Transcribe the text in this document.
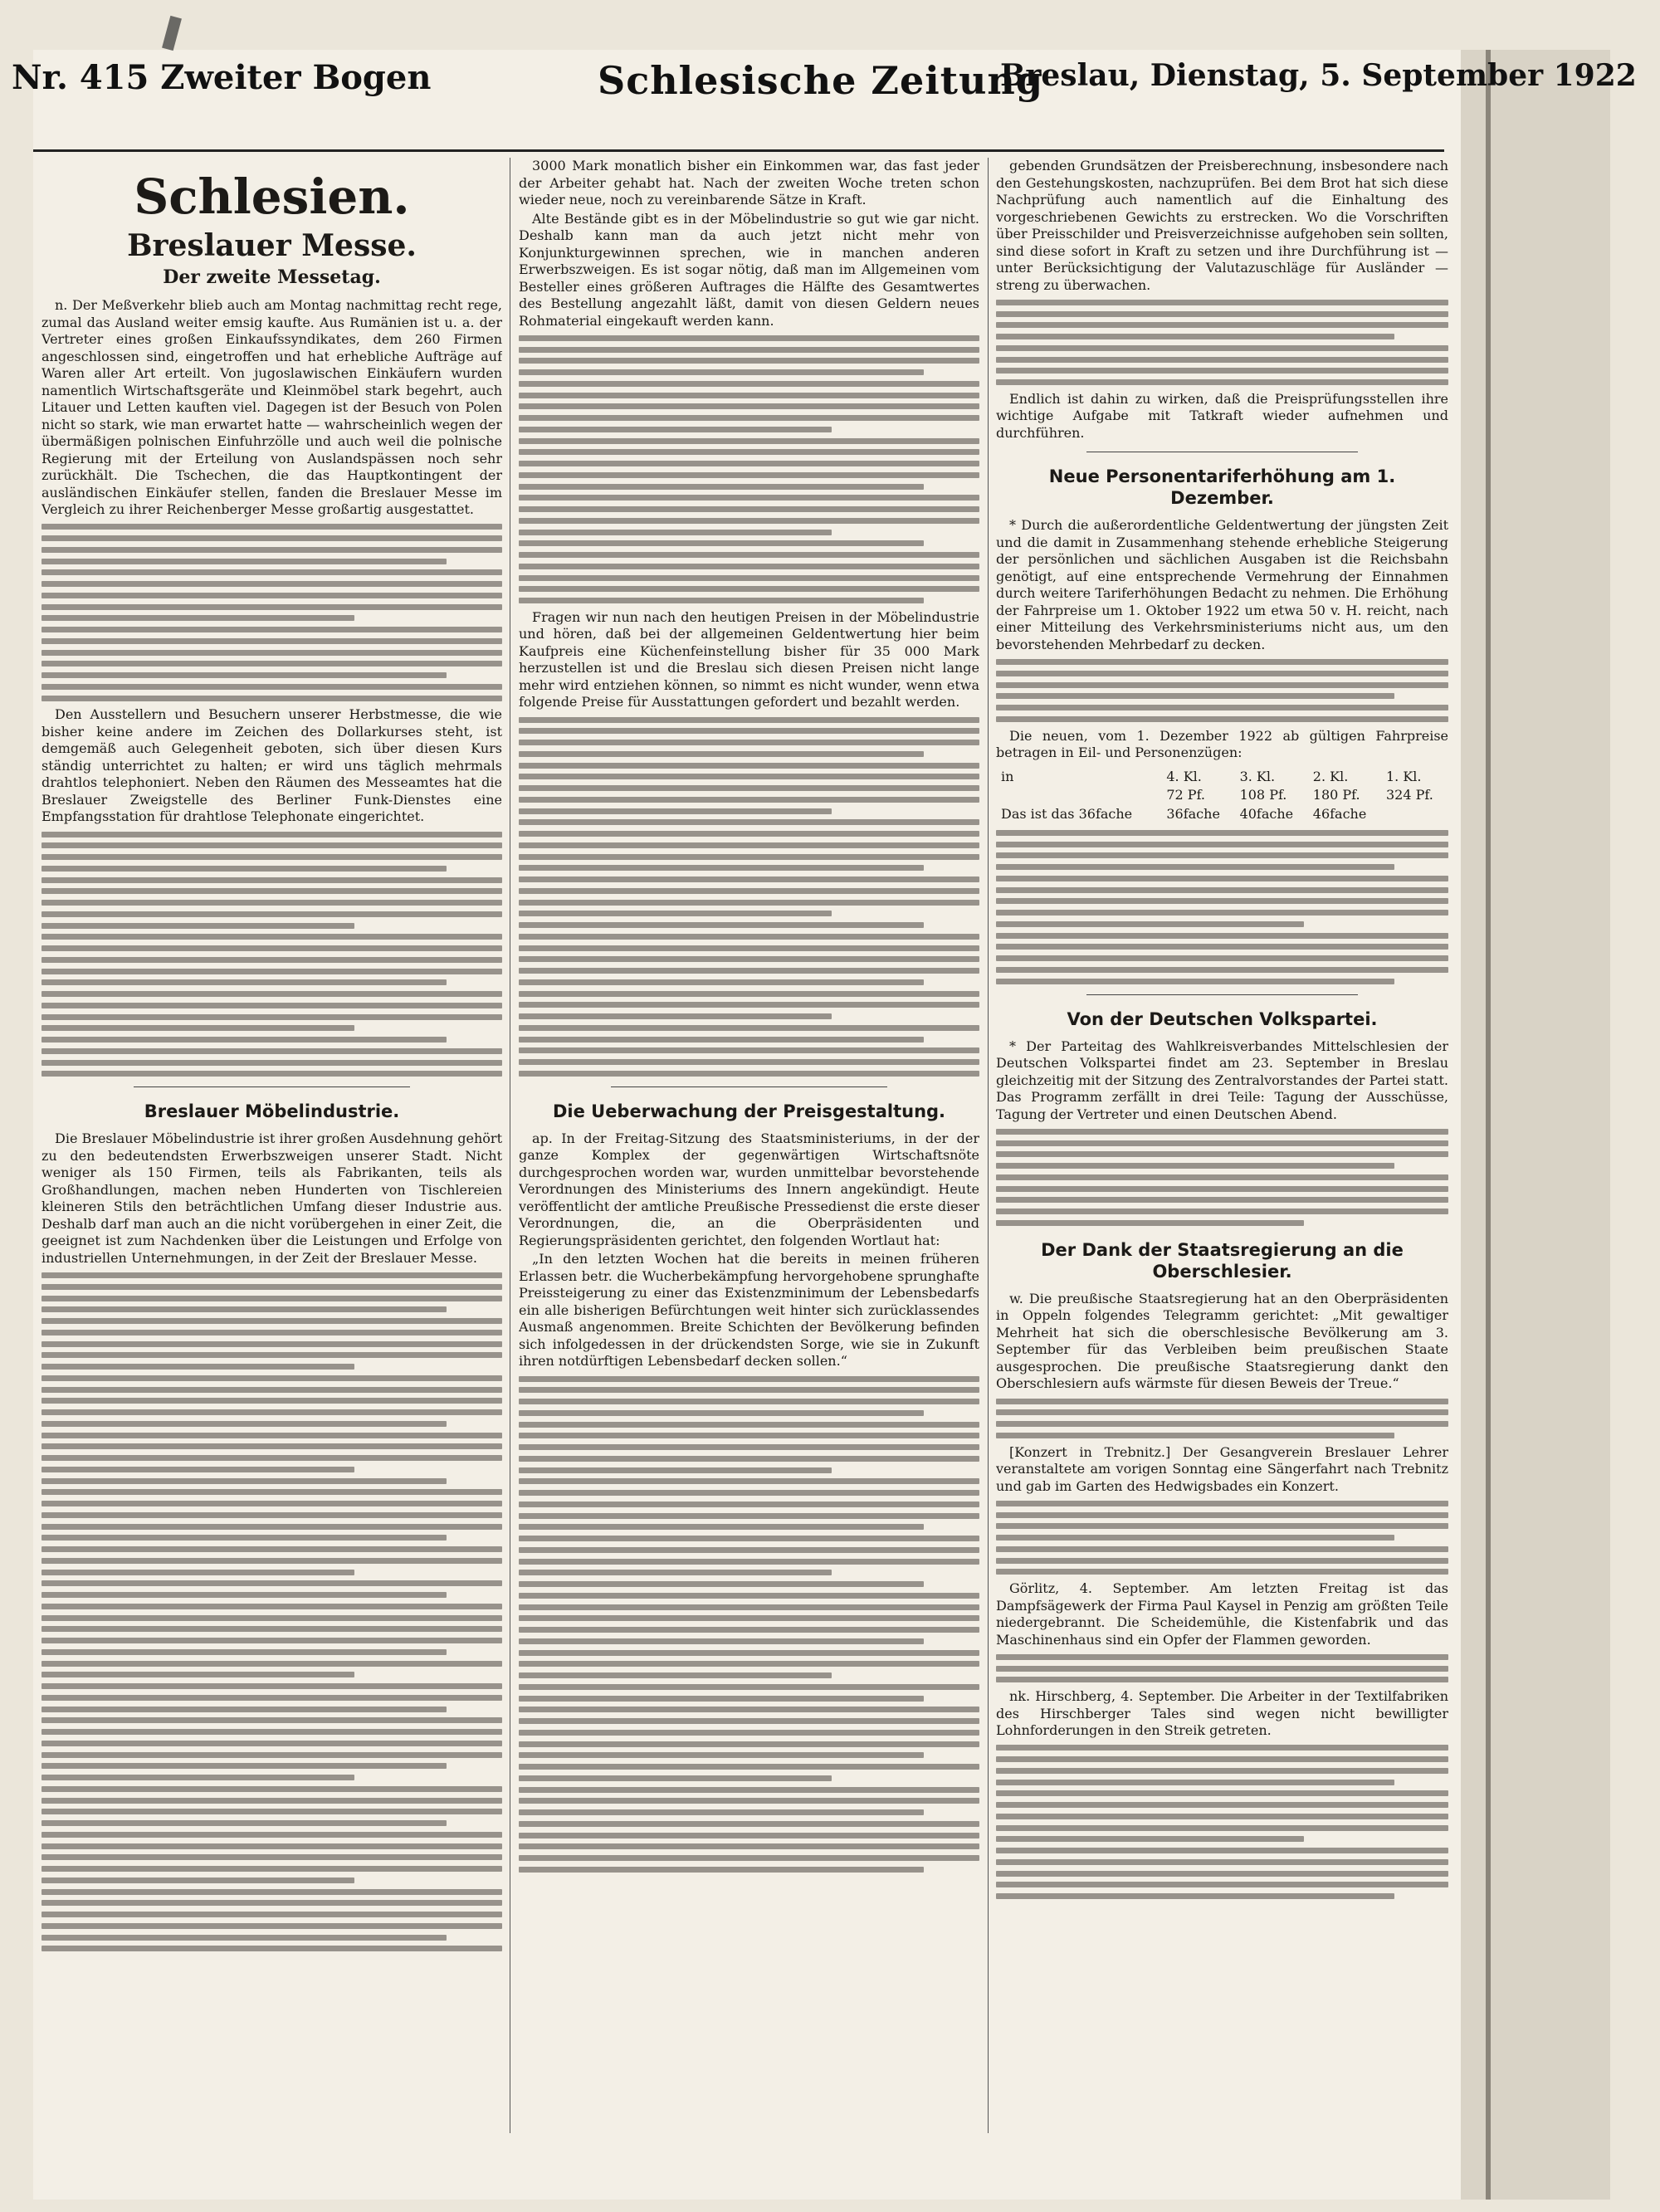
Nr. 415 Zweiter Bogen	Schlesische Zeitung
Breslau, Dienstag, 5. September 1922
Schlesien.
Breslauer Messe.
Der zweite Messetag.

n. Der Meßverkehr blieb auch am Montag nachmittag recht rege, zumal das Ausland weiter emsig kaufte. Aus Rumänien ist u. a. der Vertreter eines großen Einkaufssyndikates, dem 260 Firmen angeschlossen sind, eingetroffen und hat erhebliche Aufträge auf Waren aller Art erteilt. Von jugoslawischen Einkäufern wurden namentlich Wirtschaftsgeräte und Kleinmöbel stark begehrt, auch Litauer und Letten kauften viel. Dagegen ist der Besuch von Polen nicht so stark, wie man erwartet hatte — wahrscheinlich wegen der übermäßigen polnischen Einfuhrzölle und auch weil die polnische Regierung mit der Erteilung von Auslandspässen noch sehr zurückhält. Die Tschechen, die das Hauptkontingent der ausländischen Einkäufer stellen, fanden die Breslauer Messe im Vergleich zu ihrer Reichenberger Messe großartig ausgestattet.

Den Ausstellern und Besuchern unserer Herbstmesse, die wie bisher keine andere im Zeichen des Dollarkurses steht, ist demgemäß auch Gelegenheit geboten, sich über diesen Kurs ständig unterrichtet zu halten; er wird uns täglich mehrmals drahtlos telephoniert. Neben den Räumen des Messeamtes hat die Breslauer Zweigstelle des Berliner Funk-Dienstes eine Empfangsstation für drahtlose Telephonate eingerichtet.

Breslauer Möbelindustrie.

Die Breslauer Möbelindustrie ist ihrer großen Ausdehnung gehört zu den bedeutendsten Erwerbszweigen unserer Stadt. Nicht weniger als 150 Firmen, teils als Fabrikanten, teils als Großhandlungen, machen neben Hunderten von Tischlereien kleineren Stils den beträchtlichen Umfang dieser Industrie aus. Deshalb darf man auch an die nicht vorübergehen in einer Zeit, die geeignet ist zum Nachdenken über die Leistungen und Erfolge von industriellen Unternehmungen, in der Zeit der Breslauer Messe.

3000 Mark monatlich bisher ein Einkommen war, das fast jeder der Arbeiter gehabt hat. Nach der zweiten Woche treten schon wieder neue, noch zu vereinbarende Sätze in Kraft.

Alte Bestände gibt es in der Möbelindustrie so gut wie gar nicht. Deshalb kann man da auch jetzt nicht mehr von Konjunkturgewinnen sprechen, wie in manchen anderen Erwerbszweigen. Es ist sogar nötig, daß man im Allgemeinen vom Besteller eines größeren Auftrages die Hälfte des Gesamtwertes des Bestellung angezahlt läßt, damit von diesen Geldern neues Rohmaterial eingekauft werden kann.

Fragen wir nun nach den heutigen Preisen in der Möbelindustrie und hören, daß bei der allgemeinen Geldentwertung hier beim Kaufpreis eine Küchenfeinstellung bisher für 35 000 Mark herzustellen ist und die Breslau sich diesen Preisen nicht lange mehr wird entziehen können, so nimmt es nicht wunder, wenn etwa folgende Preise für Ausstattungen gefordert und bezahlt werden.

Die Ueberwachung der Preisgestaltung.

ap. In der Freitag-Sitzung des Staatsministeriums, in der der ganze Komplex der gegenwärtigen Wirtschaftsnöte durchgesprochen worden war, wurden unmittelbar bevorstehende Verordnungen des Ministeriums des Innern angekündigt. Heute veröffentlicht der amtliche Preußische Pressedienst die erste dieser Verordnungen, die, an die Oberpräsidenten und Regierungspräsidenten gerichtet, den folgenden Wortlaut hat:

„In den letzten Wochen hat die bereits in meinen früheren Erlassen betr. die Wucherbekämpfung hervorgehobene sprunghafte Preissteigerung zu einer das Existenzminimum der Lebensbedarfs ein alle bisherigen Befürchtungen weit hinter sich zurücklassendes Ausmaß angenommen. Breite Schichten der Bevölkerung befinden sich infolgedessen in der drückendsten Sorge, wie sie in Zukunft ihren notdürftigen Lebensbedarf decken sollen.“

gebenden Grundsätzen der Preisberechnung, insbesondere nach den Gestehungskosten, nachzuprüfen. Bei dem Brot hat sich diese Nachprüfung auch namentlich auf die Einhaltung des vorgeschriebenen Gewichts zu erstrecken. Wo die Vorschriften über Preisschilder und Preisverzeichnisse aufgehoben sein sollten, sind diese sofort in Kraft zu setzen und ihre Durchführung ist — unter Berücksichtigung der Valutazuschläge für Ausländer — streng zu überwachen.

Endlich ist dahin zu wirken, daß die Preisprüfungsstellen ihre wichtige Aufgabe mit Tatkraft wieder aufnehmen und durchführen.

Neue Personentariferhöhung am 1. Dezember.

* Durch die außerordentliche Geldentwertung der jüngsten Zeit und die damit in Zusammenhang stehende erhebliche Steigerung der persönlichen und sächlichen Ausgaben ist die Reichsbahn genötigt, auf eine entsprechende Vermehrung der Einnahmen durch weitere Tariferhöhungen Bedacht zu nehmen. Die Erhöhung der Fahrpreise um 1. Oktober 1922 um etwa 50 v. H. reicht, nach einer Mitteilung des Verkehrsministeriums nicht aus, um den bevorstehenden Mehrbedarf zu decken.

Die neuen, vom 1. Dezember 1922 ab gültigen Fahrpreise betragen in Eil- und Personenzügen:

in	4. Kl.	3. Kl.	2. Kl.	1. Kl.
	72 Pf.	108 Pf.	180 Pf.	324 Pf.
Das ist das 36fache	36fache	40fache	46fache	
Von der Deutschen Volkspartei.

* Der Parteitag des Wahlkreisverbandes Mittelschlesien der Deutschen Volkspartei findet am 23. September in Breslau gleichzeitig mit der Sitzung des Zentralvorstandes der Partei statt. Das Programm zerfällt in drei Teile: Tagung der Ausschüsse, Tagung der Vertreter und einen Deutschen Abend.

Der Dank der Staatsregierung an die Oberschlesier.

w. Die preußische Staatsregierung hat an den Oberpräsidenten in Oppeln folgendes Telegramm gerichtet: „Mit gewaltiger Mehrheit hat sich die oberschlesische Bevölkerung am 3. September für das Verbleiben beim preußischen Staate ausgesprochen. Die preußische Staatsregierung dankt den Oberschlesiern aufs wärmste für diesen Beweis der Treue.“

[Konzert in Trebnitz.] Der Gesangverein Breslauer Lehrer veranstaltete am vorigen Sonntag eine Sängerfahrt nach Trebnitz und gab im Garten des Hedwigsbades ein Konzert.

Görlitz, 4. September. Am letzten Freitag ist das Dampfsägewerk der Firma Paul Kaysel in Penzig am größten Teile niedergebrannt. Die Scheidemühle, die Kistenfabrik und das Maschinenhaus sind ein Opfer der Flammen geworden.

nk. Hirschberg, 4. September. Die Arbeiter in der Textilfabriken des Hirschberger Tales sind wegen nicht bewilligter Lohnforderungen in den Streik getreten.
